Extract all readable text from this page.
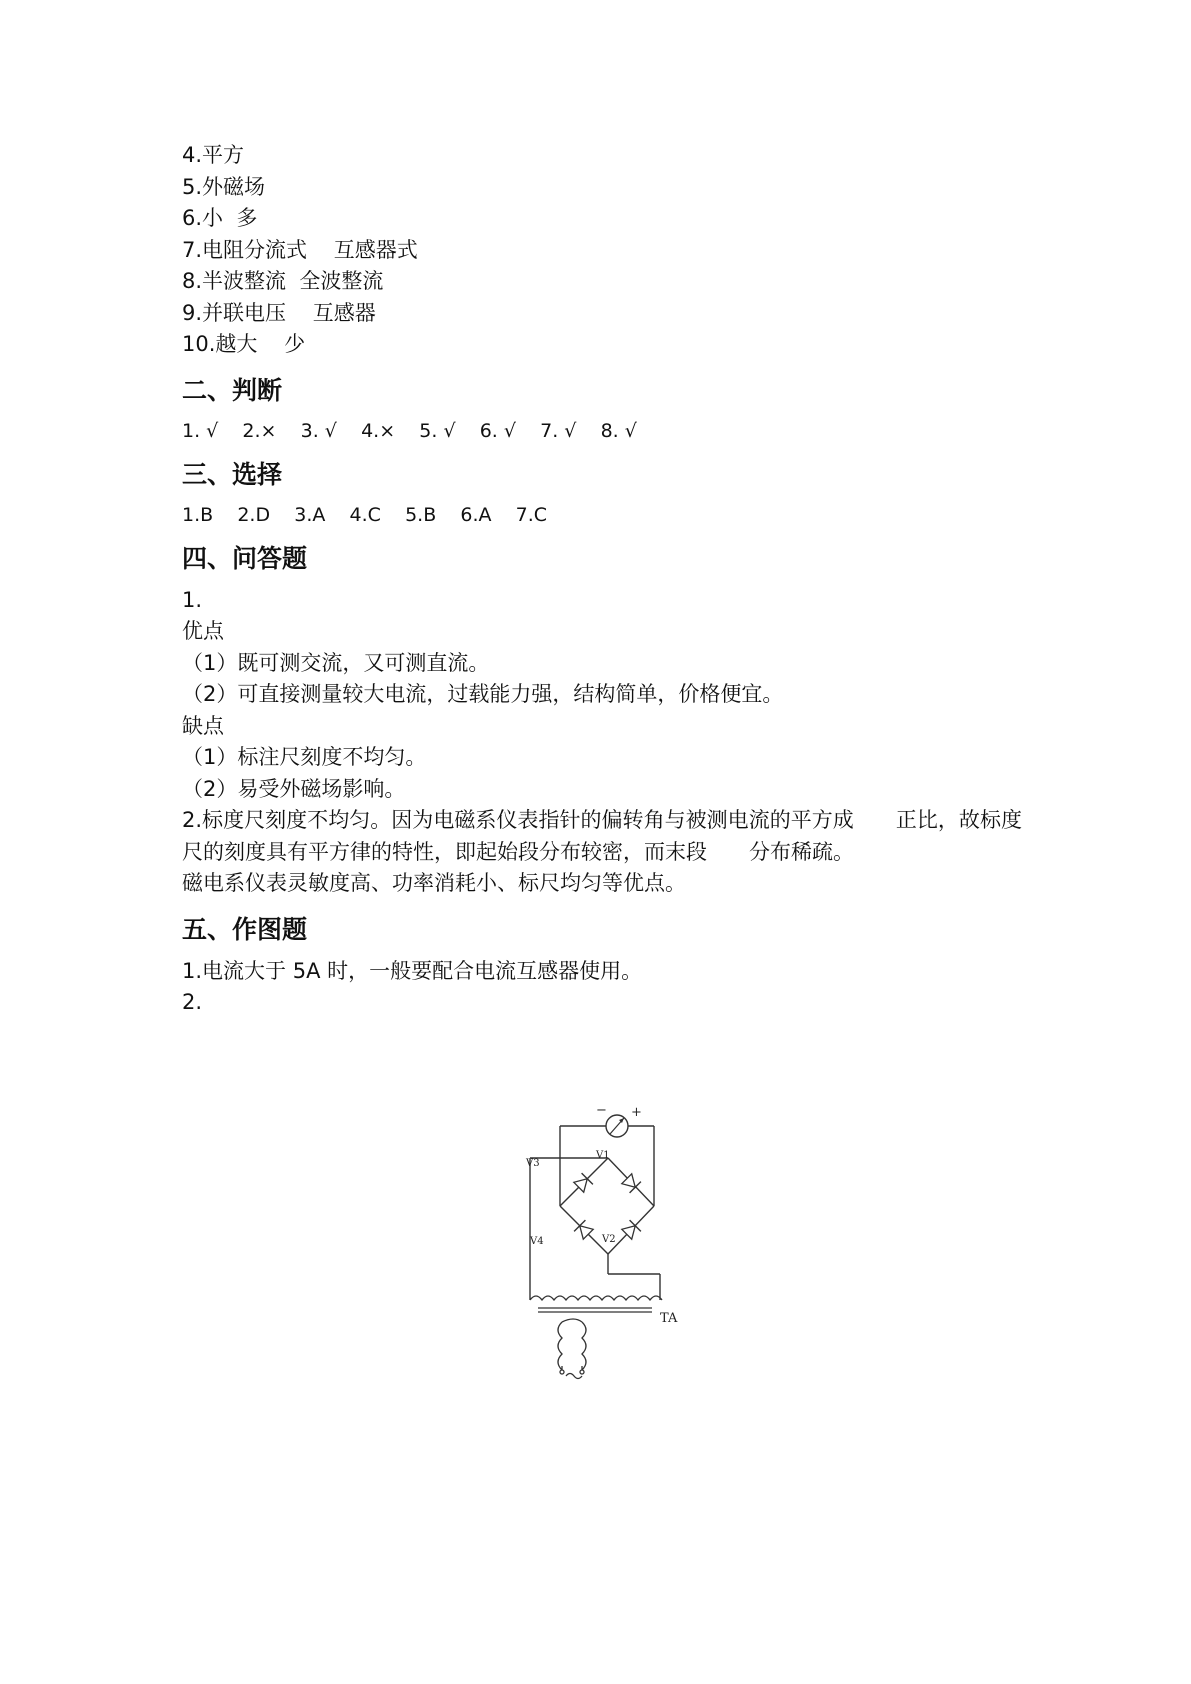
4.平方

5.外磁场

6.小  多

7.电阻分流式    互感器式

8.半波整流  全波整流

9.并联电压    互感器

10.越大    少

二、判断

1. √    2.×    3. √    4.×    5. √    6. √    7. √    8. √

三、选择

1.B    2.D    3.A    4.C    5.B    6.A    7.C

四、问答题

1.

优点

（1）既可测交流，又可测直流。

（2）可直接测量较大电流，过载能力强，结构简单，价格便宜。

缺点

（1）标注尺刻度不均匀。

（2）易受外磁场影响。

2.标度尺刻度不均匀。因为电磁系仪表指针的偏转角与被测电流的平方成　　正比，故标度尺的刻度具有平方律的特性，即起始段分布较密，而末段　　分布稀疏。

磁电系仪表灵敏度高、功率消耗小、标尺均匀等优点。

五、作图题

1.电流大于 5A 时，一般要配合电流互感器使用。

2.

− +
V3
V1
V4	V2
TA
